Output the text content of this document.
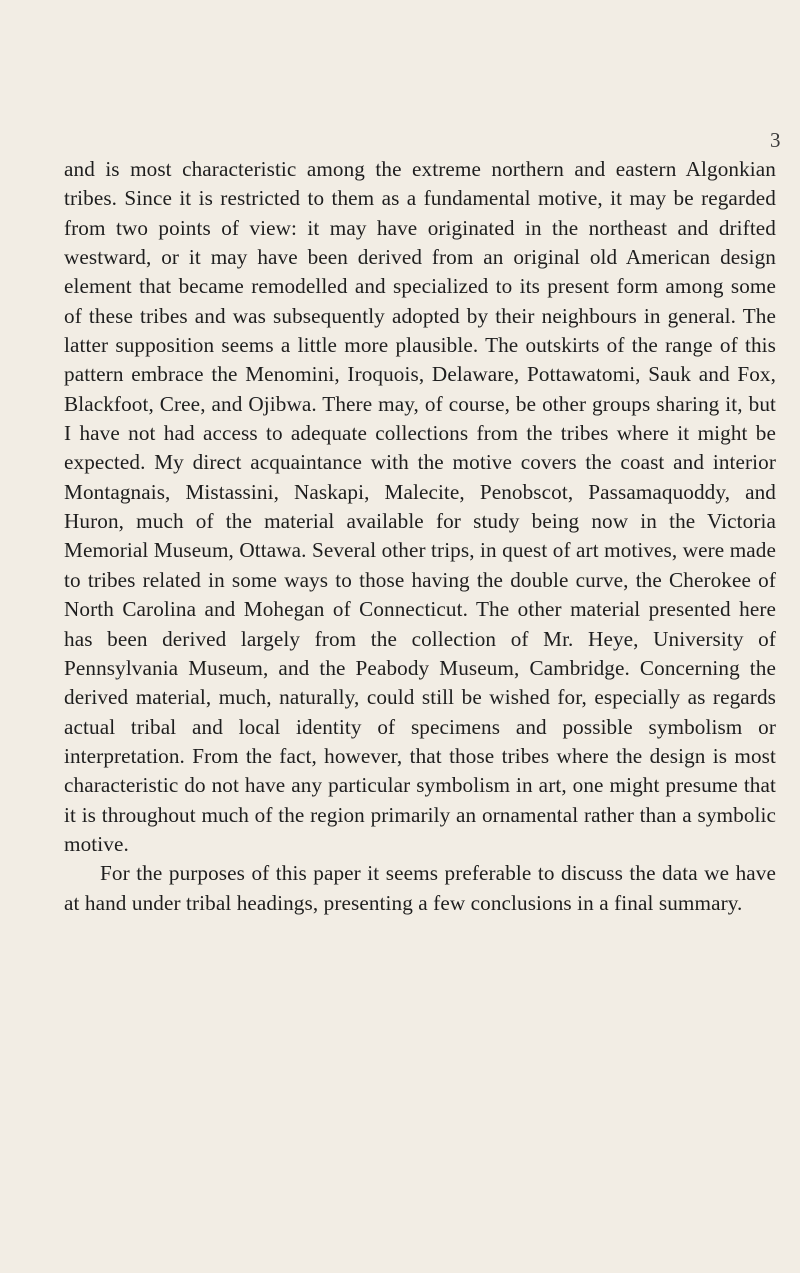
3

and is most characteristic among the extreme northern and eastern Algonkian tribes. Since it is restricted to them as a fundamental motive, it may be regarded from two points of view: it may have originated in the northeast and drifted westward, or it may have been derived from an original old American design element that became remodelled and specialized to its present form among some of these tribes and was subsequently adopted by their neighbours in general. The latter supposition seems a little more plausible. The outskirts of the range of this pattern embrace the Menomini, Iroquois, Delaware, Pottawatomi, Sauk and Fox, Blackfoot, Cree, and Ojibwa. There may, of course, be other groups sharing it, but I have not had access to adequate collections from the tribes where it might be expected. My direct acquaintance with the motive covers the coast and interior Montagnais, Mistassini, Naskapi, Malecite, Penobscot, Passamaquoddy, and Huron, much of the material available for study being now in the Victoria Memorial Museum, Ottawa. Several other trips, in quest of art motives, were made to tribes related in some ways to those having the double curve, the Cherokee of North Carolina and Mohegan of Connecticut. The other material presented here has been derived largely from the collection of Mr. Heye, University of Pennsylvania Museum, and the Peabody Museum, Cambridge. Concerning the derived material, much, naturally, could still be wished for, especially as regards actual tribal and local identity of specimens and possible symbolism or interpretation. From the fact, however, that those tribes where the design is most characteristic do not have any particular symbolism in art, one might presume that it is throughout much of the region primarily an ornamental rather than a symbolic motive.

For the purposes of this paper it seems preferable to discuss the data we have at hand under tribal headings, presenting a few conclusions in a final summary.
